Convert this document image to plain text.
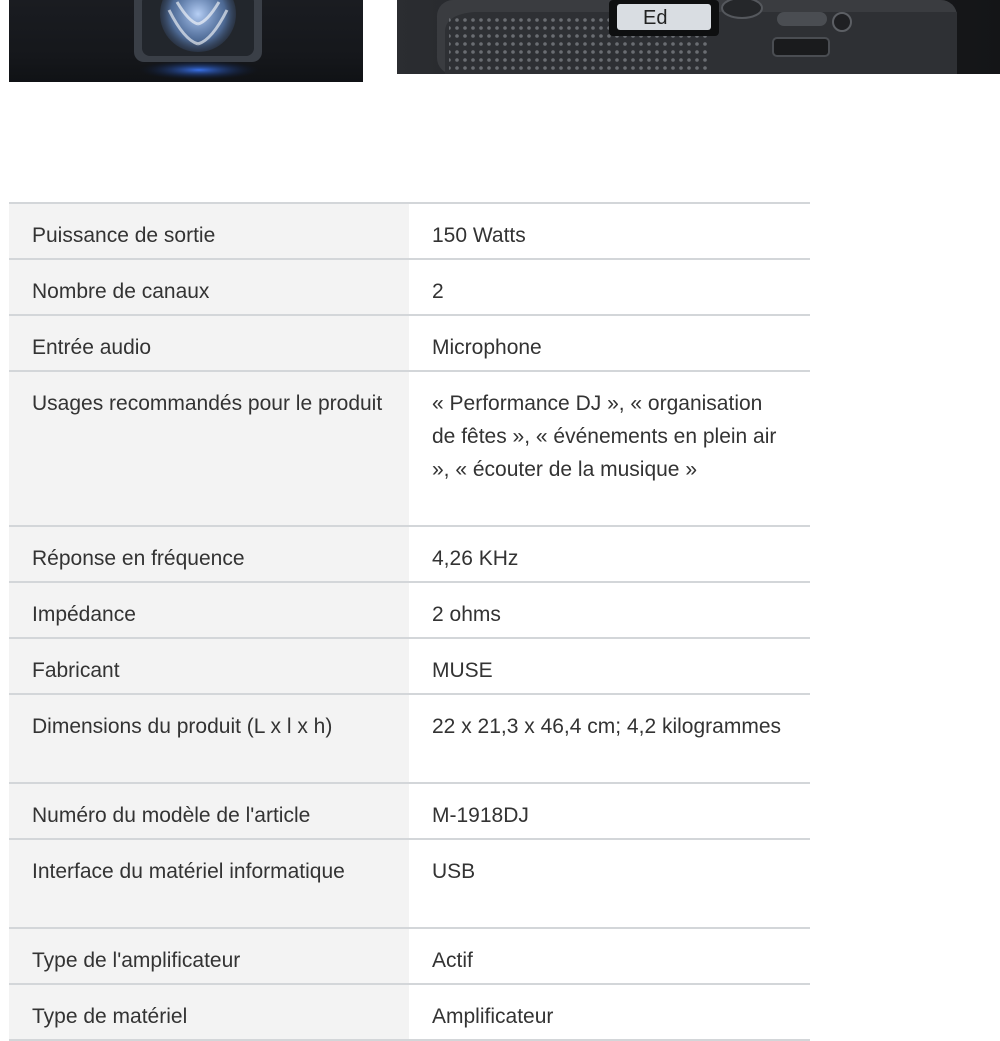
Ed
Puissance de sortie	150 Watts
Nombre de canaux	2
Entrée audio	Microphone
Usages recommandés pour le produit	« Performance DJ », « organisation de fêtes », « événements en plein air », « écouter de la musique »
Réponse en fréquence	4,26 KHz
Impédance	2 ohms
Fabricant	MUSE
Dimensions du produit (L x l x h)	22 x 21,3 x 46,4 cm; 4,2 kilogrammes
Numéro du modèle de l'article	M-1918DJ
Interface du matériel informatique	USB
Type de l'amplificateur	Actif
Type de matériel	Amplificateur
